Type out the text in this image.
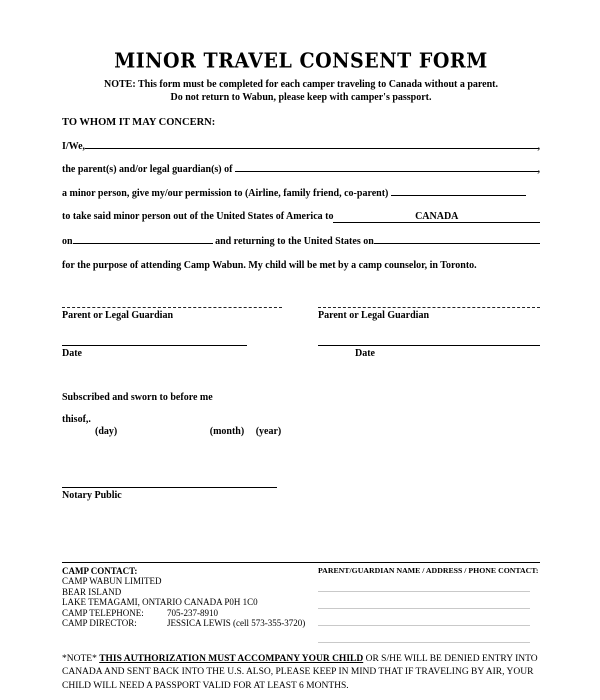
MINOR TRAVEL CONSENT FORM
NOTE: This form must be completed for each camper traveling to Canada without a parent.
Do not return to Wabun, please keep with camper's passport.
TO WHOM IT MAY CONCERN:
I/We,	,
the parent(s) and/or legal guardian(s) of	,
a minor person, give my/our permission to (Airline, family friend, co-parent)
to take said minor person out of the United States of America to	CANADA
on	and returning to the United States on
for the purpose of attending Camp Wabun. My child will be met by a camp counselor, in Toronto.
Parent or Legal Guardian
Date
Parent or Legal Guardian
Date
Subscribed and sworn to before me
this of , .
(day)	(month) (year)
Notary Public
CAMP CONTACT:
CAMP WABUN LIMITED
BEAR ISLAND
LAKE TEMAGAMI, ONTARIO CANADA P0H 1C0
CAMP TELEPHONE:	705-237-8910
CAMP DIRECTOR:	JESSICA LEWIS (cell 573-355-3720)
PARENT/GUARDIAN NAME / ADDRESS / PHONE CONTACT:
*NOTE* THIS AUTHORIZATION MUST ACCOMPANY YOUR CHILD OR S/HE WILL BE DENIED ENTRY INTO CANADA AND SENT BACK INTO THE U.S. ALSO, PLEASE KEEP IN MIND THAT IF TRAVELING BY AIR, YOUR CHILD WILL NEED A PASSPORT VALID FOR AT LEAST 6 MONTHS.
